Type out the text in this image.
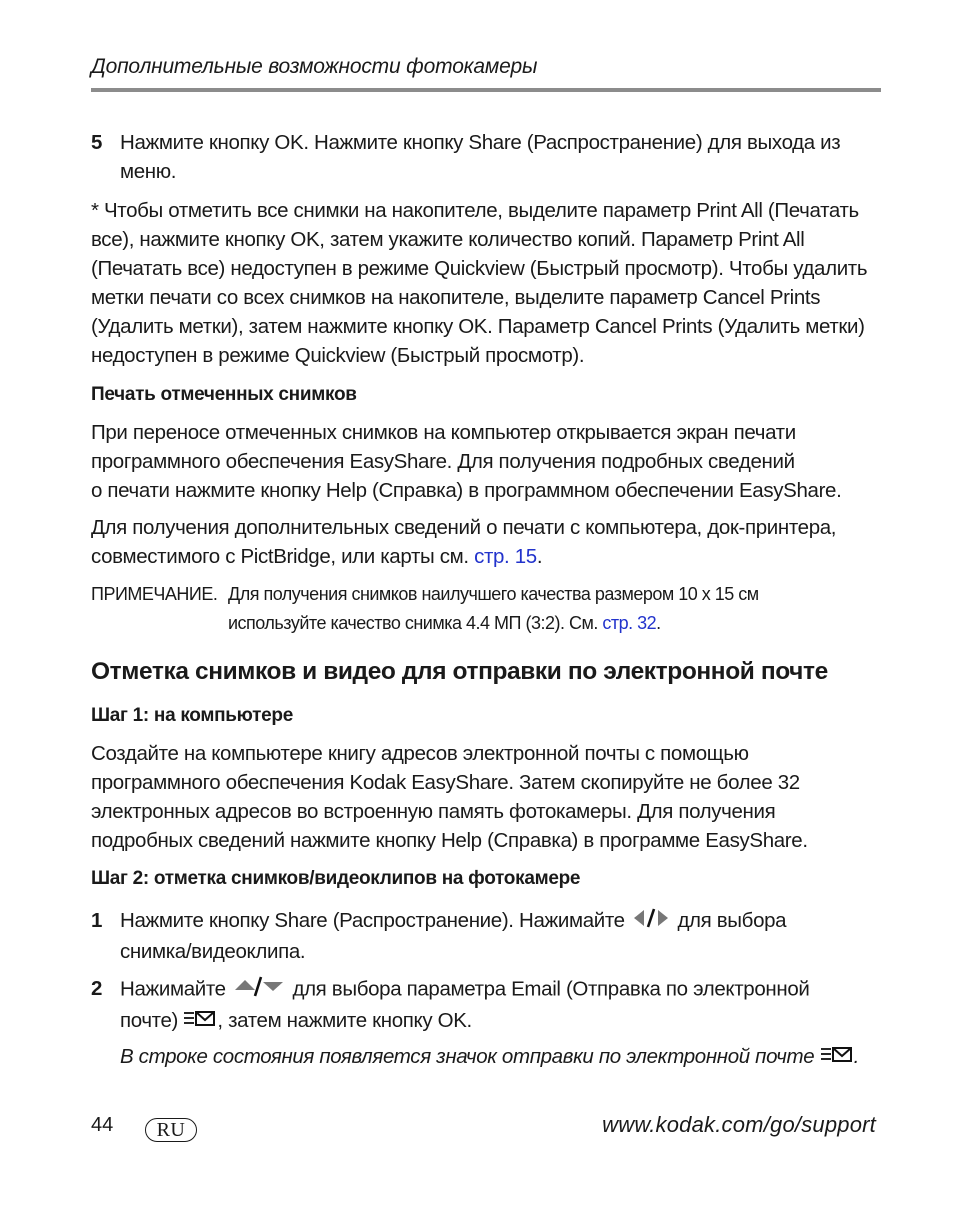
Дополнительные возможности фотокамеры
5 Нажмите кнопку OK. Нажмите кнопку Share (Распространение) для выхода из меню.
* Чтобы отметить все снимки на накопителе, выделите параметр Print All (Печатать все), нажмите кнопку OK, затем укажите количество копий. Параметр Print All (Печатать все) недоступен в режиме Quickview (Быстрый просмотр). Чтобы удалить метки печати со всех снимков на накопителе, выделите параметр Cancel Prints (Удалить метки), затем нажмите кнопку OK. Параметр Cancel Prints (Удалить метки) недоступен в режиме Quickview (Быстрый просмотр).
Печать отмеченных снимков
При переносе отмеченных снимков на компьютер открывается экран печати
программного обеспечения EasyShare. Для получения подробных сведений
о печати нажмите кнопку Help (Справка) в программном обеспечении EasyShare.
Для получения дополнительных сведений о печати с компьютера, док-принтера,
совместимого с PictBridge, или карты см. стр. 15.
ПРИМЕЧАНИЕ. Для получения снимков наилучшего качества размером 10 x 15 см
используйте качество снимка 4.4 МП (3:2). См. стр. 32.
Отметка снимков и видео для отправки по электронной почте
Шаг 1: на компьютере
Создайте на компьютере книгу адресов электронной почты с помощью
программного обеспечения Kodak EasyShare. Затем скопируйте не более 32
электронных адресов во встроенную память фотокамеры. Для получения
подробных сведений нажмите кнопку Help (Справка) в программе EasyShare.
Шаг 2: отметка снимков/видеоклипов на фотокамере
1 Нажмите кнопку Share (Распространение). Нажимайте	для выбора
снимка/видеоклипа.
2 Нажимайте	для выбора параметра Email (Отправка по электронной
почте) , затем нажмите кнопку OK.
В строке состояния появляется значок отправки по электронной почте .
44	RU	www.kodak.com/go/support
